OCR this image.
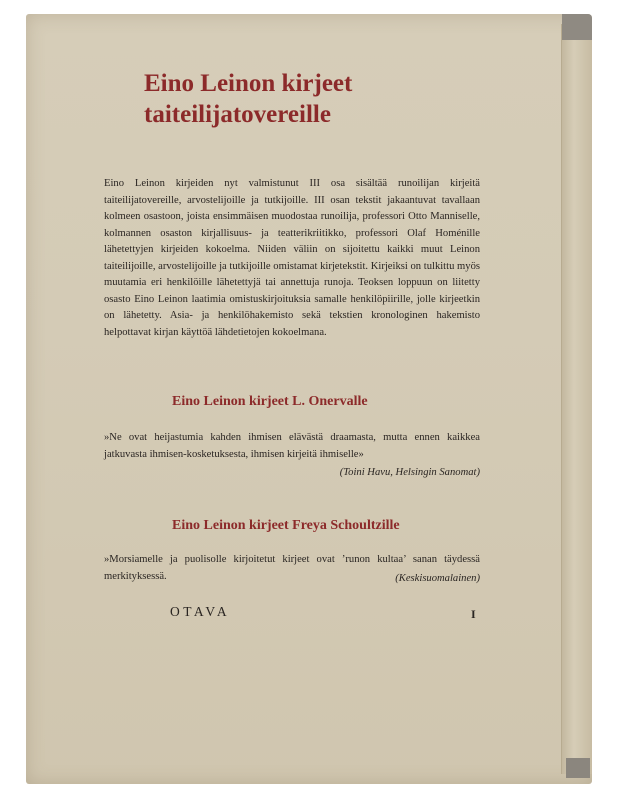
Eino Leinon kirjeet
taiteilijatovereille

Eino Leinon kirjeiden nyt valmistunut III osa sisältää runoilijan kirjeitä taiteilijatovereille, arvostelijoille ja tutkijoille. III osan tekstit jakaantuvat tavallaan kolmeen osastoon, joista ensimmäisen muodostaa runoilija, professori Otto Manniselle, kolmannen osaston kirjallisuus- ja teatterikriitikko, professori Olaf Homénille lähetettyjen kirjeiden kokoelma. Niiden väliin on sijoitettu kaikki muut Leinon taiteilijoille, arvostelijoille ja tutkijoille omistamat kirjetekstit. Kirjeiksi on tulkittu myös muutamia eri henkilöille lähetettyjä tai annettuja runoja. Teoksen loppuun on liitetty osasto Eino Leinon laatimia omistuskirjoituksia samalle henkilöpiirille, jolle kirjeetkin on lähetetty. Asia- ja henkilöhakemisto sekä tekstien kronologinen hakemisto helpottavat kirjan käyttöä lähdetietojen kokoelmana.

Eino Leinon kirjeet L. Onervalle

»Ne ovat heijastumia kahden ihmisen elävästä draamasta, mutta ennen kaikkea jatkuvasta ihmisen-kosketuksesta, ihmisen kirjeitä ihmiselle»

(Toini Havu, Helsingin Sanomat)

Eino Leinon kirjeet Freya Schoultzille

»Morsiamelle ja puolisolle kirjoitetut kirjeet ovat ’runon kultaa’ sanan täydessä merkityksessä.	(Keskisuomalainen)

OTAVA	I
